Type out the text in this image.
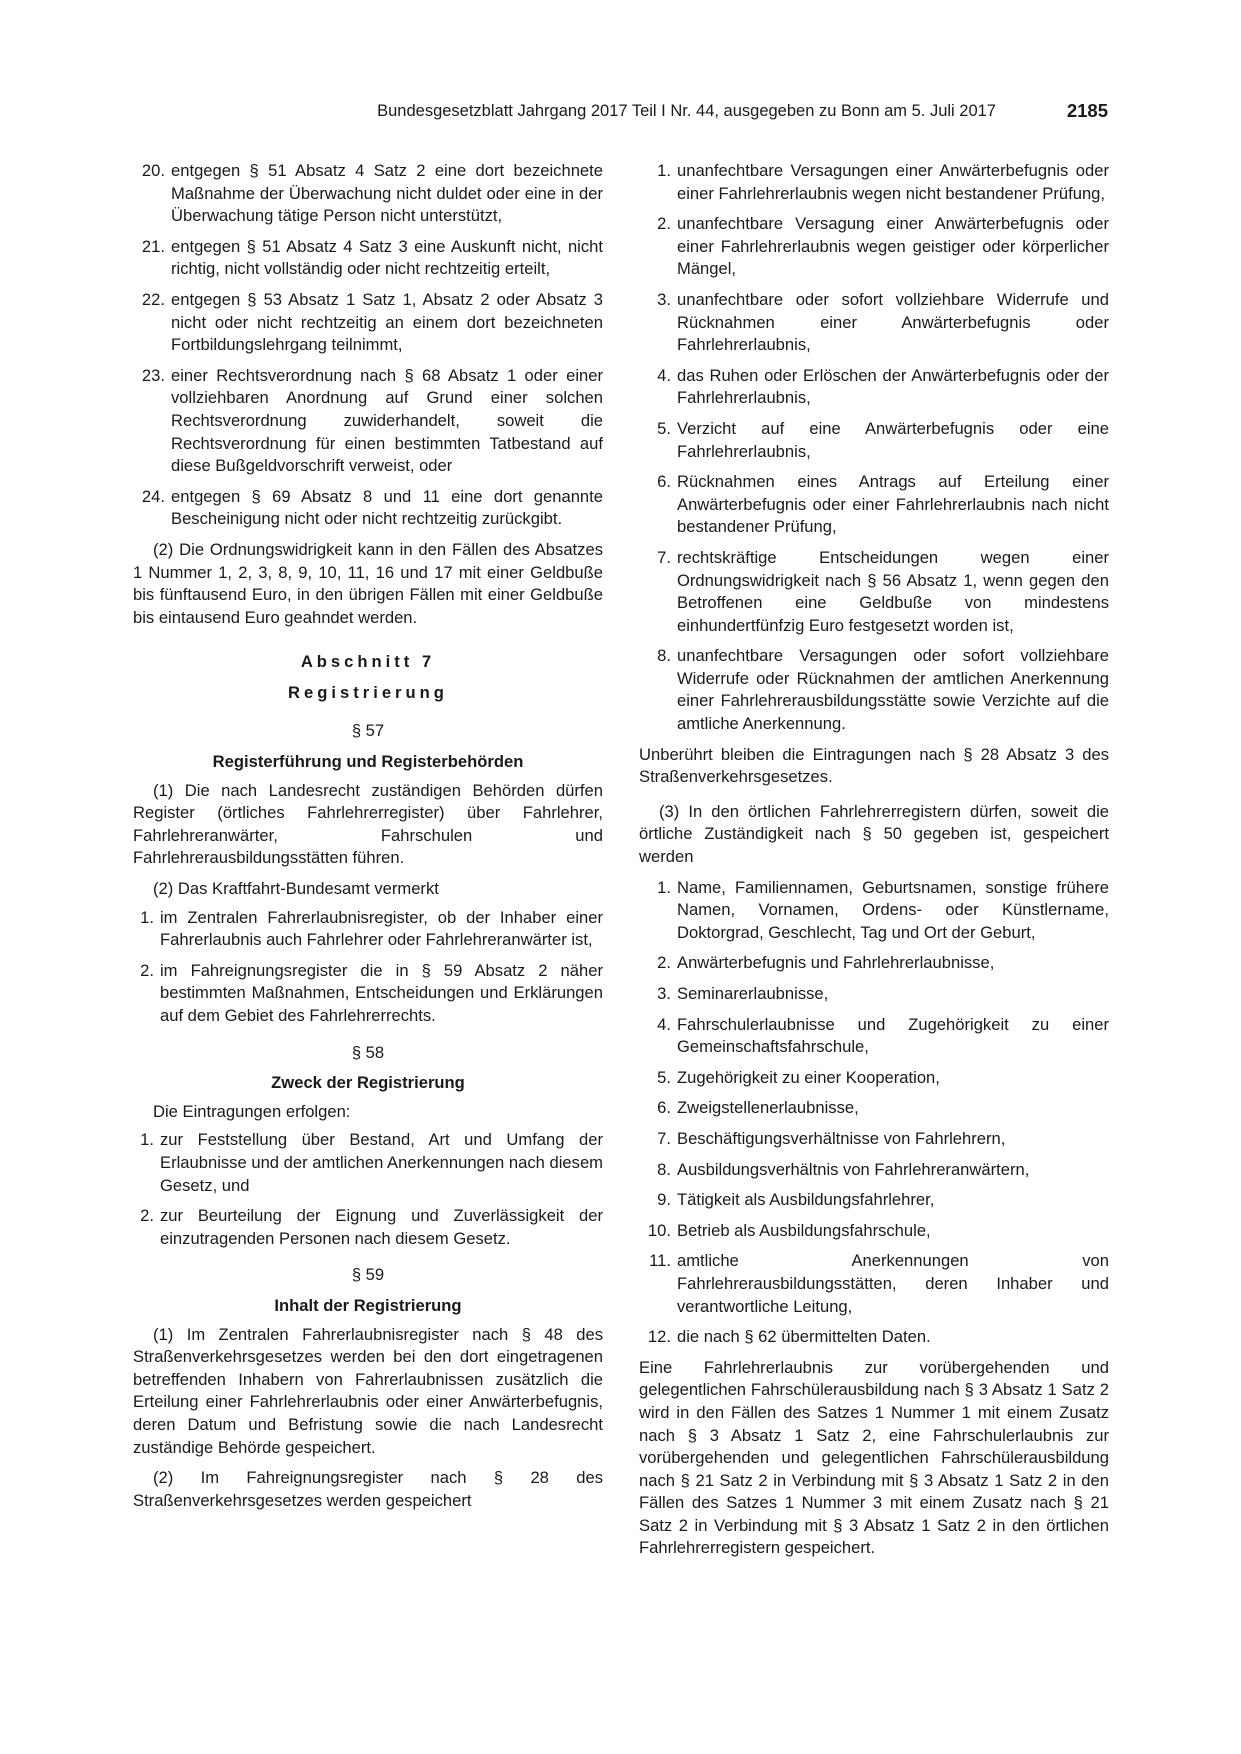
Bundesgesetzblatt Jahrgang 2017 Teil I Nr. 44, ausgegeben zu Bonn am 5. Juli 2017	2185
20. entgegen § 51 Absatz 4 Satz 2 eine dort bezeichnete Maßnahme der Überwachung nicht duldet oder eine in der Überwachung tätige Person nicht unterstützt,
21. entgegen § 51 Absatz 4 Satz 3 eine Auskunft nicht, nicht richtig, nicht vollständig oder nicht rechtzeitig erteilt,
22. entgegen § 53 Absatz 1 Satz 1, Absatz 2 oder Absatz 3 nicht oder nicht rechtzeitig an einem dort bezeichneten Fortbildungslehrgang teilnimmt,
23. einer Rechtsverordnung nach § 68 Absatz 1 oder einer vollziehbaren Anordnung auf Grund einer solchen Rechtsverordnung zuwiderhandelt, soweit die Rechtsverordnung für einen bestimmten Tatbestand auf diese Bußgeldvorschrift verweist, oder
24. entgegen § 69 Absatz 8 und 11 eine dort genannte Bescheinigung nicht oder nicht rechtzeitig zurückgibt.

(2) Die Ordnungswidrigkeit kann in den Fällen des Absatzes 1 Nummer 1, 2, 3, 8, 9, 10, 11, 16 und 17 mit einer Geldbuße bis fünftausend Euro, in den übrigen Fällen mit einer Geldbuße bis eintausend Euro geahndet werden.

Abschnitt 7

Registrierung

§ 57

Registerführung und Registerbehörden

(1) Die nach Landesrecht zuständigen Behörden dürfen Register (örtliches Fahrlehrerregister) über Fahrlehrer, Fahrlehreranwärter, Fahrschulen und Fahrlehrerausbildungsstätten führen.

(2) Das Kraftfahrt-Bundesamt vermerkt

1. im Zentralen Fahrerlaubnisregister, ob der Inhaber einer Fahrerlaubnis auch Fahrlehrer oder Fahrlehreranwärter ist,
2. im Fahreignungsregister die in § 59 Absatz 2 näher bestimmten Maßnahmen, Entscheidungen und Erklärungen auf dem Gebiet des Fahrlehrerrechts.

§ 58

Zweck der Registrierung

Die Eintragungen erfolgen:

1. zur Feststellung über Bestand, Art und Umfang der Erlaubnisse und der amtlichen Anerkennungen nach diesem Gesetz, und
2. zur Beurteilung der Eignung und Zuverlässigkeit der einzutragenden Personen nach diesem Gesetz.

§ 59

Inhalt der Registrierung

(1) Im Zentralen Fahrerlaubnisregister nach § 48 des Straßenverkehrsgesetzes werden bei den dort eingetragenen betreffenden Inhabern von Fahrerlaubnissen zusätzlich die Erteilung einer Fahrlehrerlaubnis oder einer Anwärterbefugnis, deren Datum und Befristung sowie die nach Landesrecht zuständige Behörde gespeichert.

(2) Im Fahreignungsregister nach § 28 des Straßenverkehrsgesetzes werden gespeichert

1. unanfechtbare Versagungen einer Anwärterbefugnis oder einer Fahrlehrerlaubnis wegen nicht bestandener Prüfung,
2. unanfechtbare Versagung einer Anwärterbefugnis oder einer Fahrlehrerlaubnis wegen geistiger oder körperlicher Mängel,
3. unanfechtbare oder sofort vollziehbare Widerrufe und Rücknahmen einer Anwärterbefugnis oder Fahrlehrerlaubnis,
4. das Ruhen oder Erlöschen der Anwärterbefugnis oder der Fahrlehrerlaubnis,
5. Verzicht auf eine Anwärterbefugnis oder eine Fahrlehrerlaubnis,
6. Rücknahmen eines Antrags auf Erteilung einer Anwärterbefugnis oder einer Fahrlehrerlaubnis nach nicht bestandener Prüfung,
7. rechtskräftige Entscheidungen wegen einer Ordnungswidrigkeit nach § 56 Absatz 1, wenn gegen den Betroffenen eine Geldbuße von mindestens einhundertfünfzig Euro festgesetzt worden ist,
8. unanfechtbare Versagungen oder sofort vollziehbare Widerrufe oder Rücknahmen der amtlichen Anerkennung einer Fahrlehrerausbildungsstätte sowie Verzichte auf die amtliche Anerkennung.

Unberührt bleiben die Eintragungen nach § 28 Absatz 3 des Straßenverkehrsgesetzes.

(3) In den örtlichen Fahrlehrerregistern dürfen, soweit die örtliche Zuständigkeit nach § 50 gegeben ist, gespeichert werden

1. Name, Familiennamen, Geburtsnamen, sonstige frühere Namen, Vornamen, Ordens- oder Künstlername, Doktorgrad, Geschlecht, Tag und Ort der Geburt,
2. Anwärterbefugnis und Fahrlehrerlaubnisse,
3. Seminarerlaubnisse,
4. Fahrschulerlaubnisse und Zugehörigkeit zu einer Gemeinschaftsfahrschule,
5. Zugehörigkeit zu einer Kooperation,
6. Zweigstellenerlaubnisse,
7. Beschäftigungsverhältnisse von Fahrlehrern,
8. Ausbildungsverhältnis von Fahrlehreranwärtern,
9. Tätigkeit als Ausbildungsfahrlehrer,
10. Betrieb als Ausbildungsfahrschule,
11. amtliche Anerkennungen von Fahrlehrerausbildungsstätten, deren Inhaber und verantwortliche Leitung,
12. die nach § 62 übermittelten Daten.

Eine Fahrlehrerlaubnis zur vorübergehenden und gelegentlichen Fahrschülerausbildung nach § 3 Absatz 1 Satz 2 wird in den Fällen des Satzes 1 Nummer 1 mit einem Zusatz nach § 3 Absatz 1 Satz 2, eine Fahrschulerlaubnis zur vorübergehenden und gelegentlichen Fahrschülerausbildung nach § 21 Satz 2 in Verbindung mit § 3 Absatz 1 Satz 2 in den Fällen des Satzes 1 Nummer 3 mit einem Zusatz nach § 21 Satz 2 in Verbindung mit § 3 Absatz 1 Satz 2 in den örtlichen Fahrlehrerregistern gespeichert.
